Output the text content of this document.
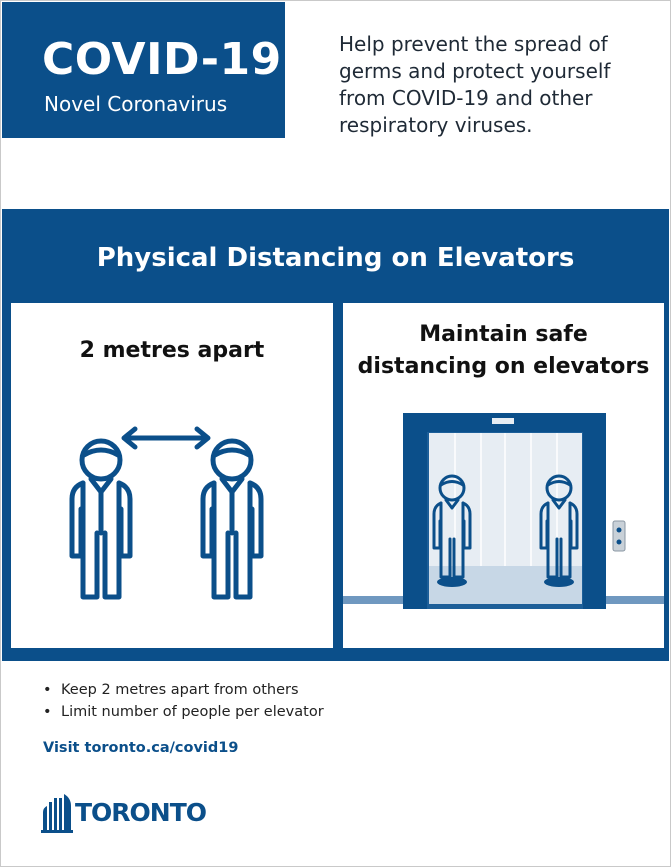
COVID-19
Novel Coronavirus
Help prevent the spread of
germs and protect yourself
from COVID-19 and other
respiratory viruses.
Physical Distancing on Elevators
2 metres apart
Maintain safe
distancing on elevators
• Keep 2 metres apart from others
• Limit number of people per elevator
Visit toronto.ca/covid19
TORONTO
